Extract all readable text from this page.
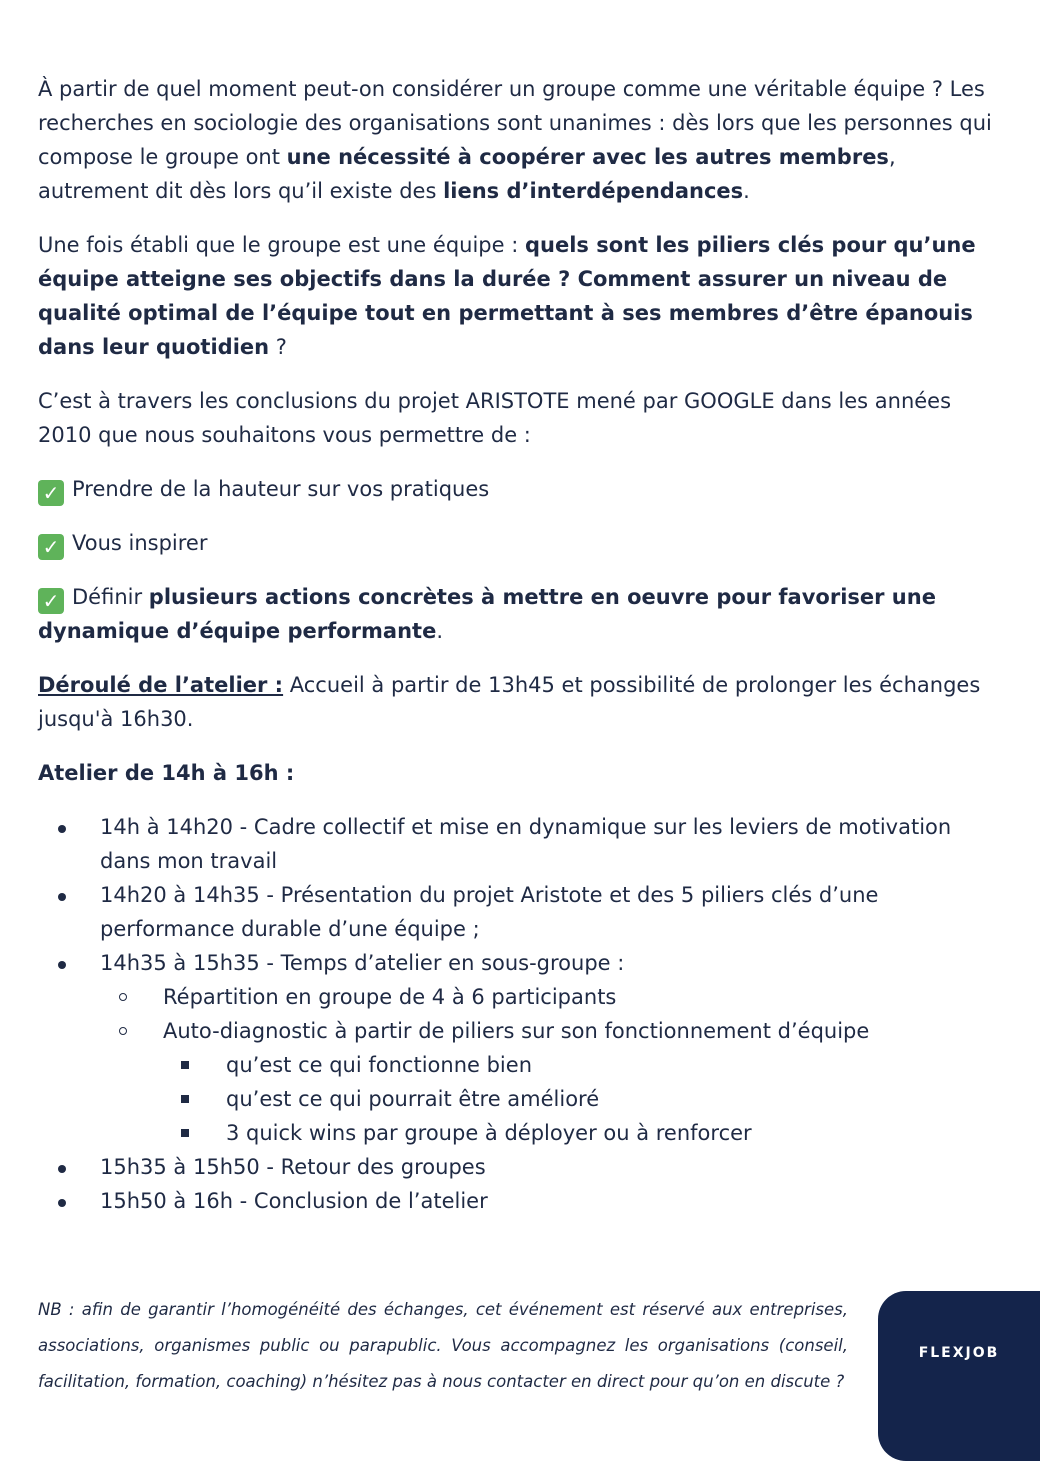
À partir de quel moment peut-on considérer un groupe comme une véritable équipe ? Les recherches en sociologie des organisations sont unanimes : dès lors que les personnes qui compose le groupe ont une nécessité à coopérer avec les autres membres, autrement dit dès lors qu’il existe des liens d’interdépendances.

Une fois établi que le groupe est une équipe : quels sont les piliers clés pour qu’une équipe atteigne ses objectifs dans la durée ? Comment assurer un niveau de qualité optimal de l’équipe tout en permettant à ses membres d’être épanouis dans leur quotidien ?

C’est à travers les conclusions du projet ARISTOTE mené par GOOGLE dans les années 2010 que nous souhaitons vous permettre de :

✓ Prendre de la hauteur sur vos pratiques

✓ Vous inspirer

✓ Définir plusieurs actions concrètes à mettre en oeuvre pour favoriser une dynamique d’équipe performante.

Déroulé de l’atelier : Accueil à partir de 13h45 et possibilité de prolonger les échanges jusqu'à 16h30.

Atelier de 14h à 16h :

14h à 14h20 - Cadre collectif et mise en dynamique sur les leviers de motivation dans mon travail
14h20 à 14h35 - Présentation du projet Aristote et des 5 piliers clés d’une performance durable d’une équipe ;
14h35 à 15h35 - Temps d’atelier en sous-groupe :
Répartition en groupe de 4 à 6 participants
Auto-diagnostic à partir de piliers sur son fonctionnement d’équipe
qu’est ce qui fonctionne bien
qu’est ce qui pourrait être amélioré
3 quick wins par groupe à déployer ou à renforcer
15h35 à 15h50 - Retour des groupes
15h50 à 16h - Conclusion de l’atelier
NB : afin de garantir l’homogénéité des échanges, cet événement est réservé aux entreprises, associations, organismes public ou parapublic. Vous accompagnez les organisations (conseil, facilitation, formation, coaching) n’hésitez pas à nous contacter en direct pour qu’on en discute ?
FLEXJOB
